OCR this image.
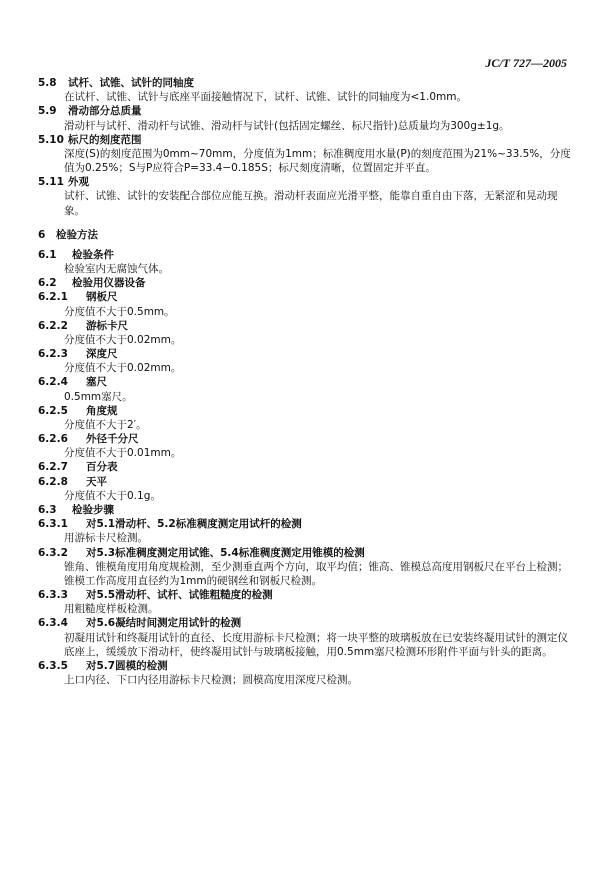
JC/T 727—2005
5.8 试杆、试锥、试针的同轴度
在试杆、试锥、试针与底座平面接触情况下，试杆、试锥、试针的同轴度为<1.0mm。
5.9 滑动部分总质量
滑动杆与试杆、滑动杆与试锥、滑动杆与试针(包括固定螺丝、标尺指针)总质量均为300g±1g。
5.10 标尺的刻度范围
深度(S)的刻度范围为0mm~70mm，分度值为1mm；标准稠度用水量(P)的刻度范围为21%~33.5%，分度值为0.25%；S与P应符合P=33.4−0.185S；标尺刻度清晰，位置固定并平直。
5.11 外观
试杆、试锥、试针的安装配合部位应能互换。滑动杆表面应光滑平整，能靠自重自由下落，无紧涩和晃动现象。
6 检验方法
6.1 检验条件
检验室内无腐蚀气体。
6.2 检验用仪器设备
6.2.1 钢板尺
分度值不大于0.5mm。
6.2.2 游标卡尺
分度值不大于0.02mm。
6.2.3 深度尺
分度值不大于0.02mm。
6.2.4 塞尺
0.5mm塞尺。
6.2.5 角度规
分度值不大于2′。
6.2.6 外径千分尺
分度值不大于0.01mm。
6.2.7 百分表
6.2.8 天平
分度值不大于0.1g。
6.3 检验步骤
6.3.1 对5.1滑动杆、5.2标准稠度测定用试杆的检测
用游标卡尺检测。
6.3.2 对5.3标准稠度测定用试锥、5.4标准稠度测定用锥模的检测
锥角、锥模角度用角度规检测，至少测垂直两个方向，取平均值；锥高、锥模总高度用钢板尺在平台上检测；锥模工作高度用直径约为1mm的硬钢丝和钢板尺检测。
6.3.3 对5.5滑动杆、试杆、试锥粗糙度的检测
用粗糙度样板检测。
6.3.4 对5.6凝结时间测定用试针的检测
初凝用试针和终凝用试针的直径、长度用游标卡尺检测；将一块平整的玻璃板放在已安装终凝用试针的测定仪底座上，缓缓放下滑动杆，使终凝用试针与玻璃板接触，用0.5mm塞尺检测环形附件平面与针头的距离。
6.3.5 对5.7圆模的检测
上口内径、下口内径用游标卡尺检测；圆模高度用深度尺检测。
